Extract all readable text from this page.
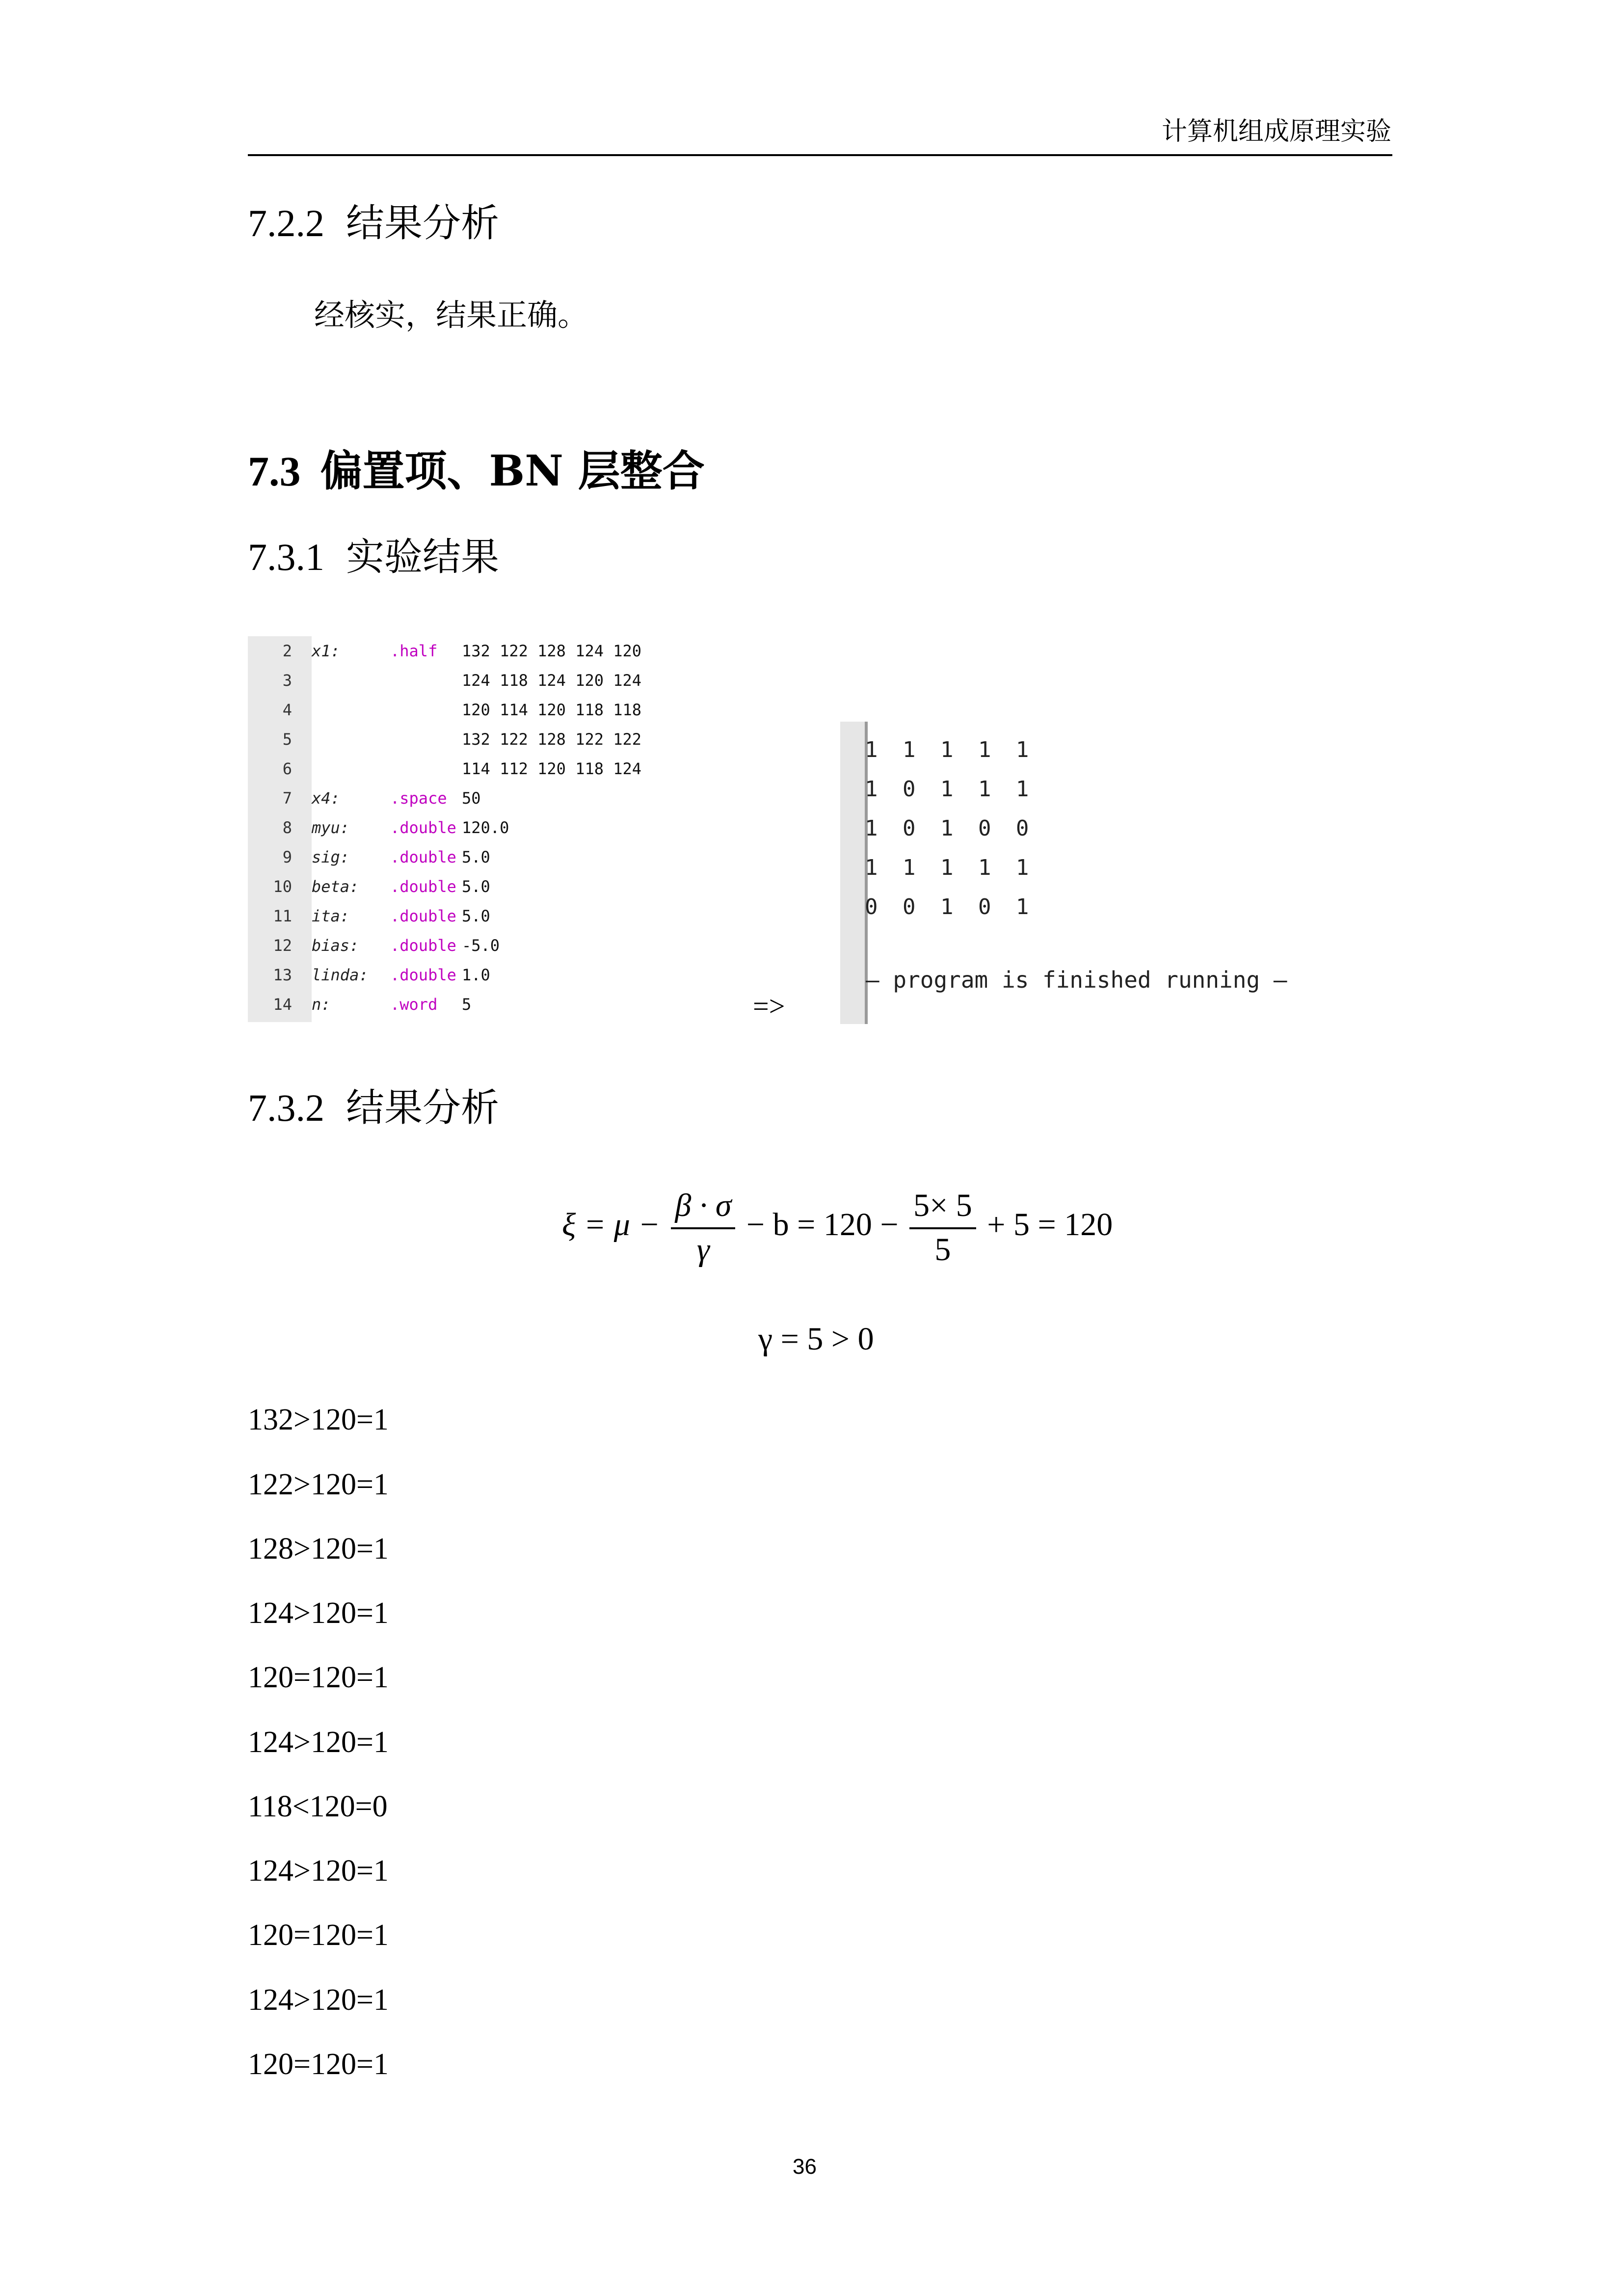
计算机组成原理实验
7.2.2 结果分析
经核实，结果正确。
7.3 偏置项、BN 层整合
7.3.1 实验结果
2 x1:	.half 132 122 128 124 120
3	124 118 124 120 124
4	120 114 120 118 118
5	132 122 128 122 122
6	114 112 120 118 124
7 x4:	.space 50
8 myu:	.double 120.0
9 sig:	.double 5.0
10 beta: .double 5.0
11 ita:	.double 5.0
12 bias: .double -5.0
13 linda: .double 1.0
14 n:	.word 5	=>
1 1 1 1 1
1 0 1 1 1
1 0 1 0 0
1 1 1 1 1
0 0 1 0 1
— program is finished running —
7.3.2 结果分析
$\xi = \mu - \frac{\beta \cdot \sigma}{\gamma} - b = 120 - \frac{5\times 5}{5} + 5 = 120$
γ = 5 > 0
132>120=1
122>120=1
128>120=1
124>120=1
120=120=1
124>120=1
118<120=0
124>120=1
120=120=1
124>120=1
120=120=1
36
